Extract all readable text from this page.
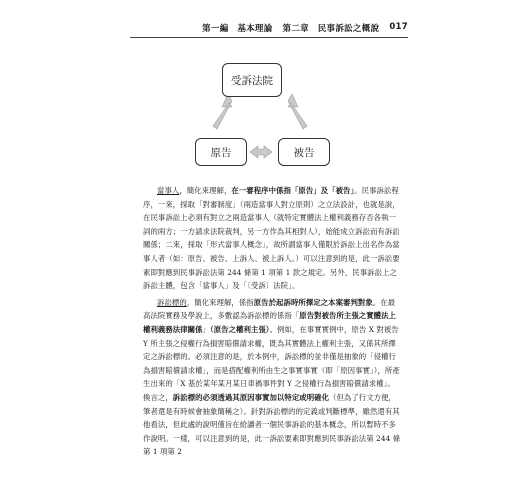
第一編　基本理論 第二章　民事訴訟之概說 017
受訴法院
原告	被告

當事人，簡化來理解，在一審程序中係指「原告」及「被告」。民事訴訟程序，一來，採取「對審制度」（兩造當事人對立原則）之立法設計，也就是說，在民事訴訟上必須有對立之兩造當事人（就特定實體法上權利義務存否各執一詞的兩方；一方請求法院裁判，另一方作為其相對人），始能成立訴訟而有訴訟關係；二來，採取「形式當事人概念」，故所謂當事人僅限於訴訟上出名作為當事人者（如：原告、被告、上訴人、被上訴人。）可以注意到的是，此一訴訟要素即對應到民事訴訟法第 244 條第 1 項第 1 款之規定。另外，民事訴訟上之訴訟主體，包含「當事人」及「〔受訴〕法院」。

訴訟標的，簡化來理解，係指原告於起訴時所擇定之本案審判對象。在最高法院實務及學說上，多數認為訴訟標的係指「原告對被告所主張之實體法上權利義務法律關係」（原告之權利主張）。例如，在事實實例中，原告 X 對被告 Y 所主張之侵權行為損害賠償請求權，既為其實體法上權利主張，又係其所擇定之訴訟標的。必須注意的是，於本例中，訴訟標的並非僅是抽象的「侵權行為損害賠償請求權」，而是搭配權利所由生之事實事實（即「原因事實」），所產生出來的「X 基於某年某月某日車禍事件對 Y 之侵權行為損害賠償請求權」。換言之，訴訟標的必須透過其原因事實加以特定或明確化（但為了行文方便，筆者還是有時候會抽象簡稱之）。針對訴訟標的的定義或判斷標準，雖然還有其他看法，但此處的說明僅旨在給讀者一個民事訴訟的基本概念，所以暫時不多作說明。一樣，可以注意到的是，此一訴訟要素即對應到民事訴訟法第 244 條第 1 項第 2
